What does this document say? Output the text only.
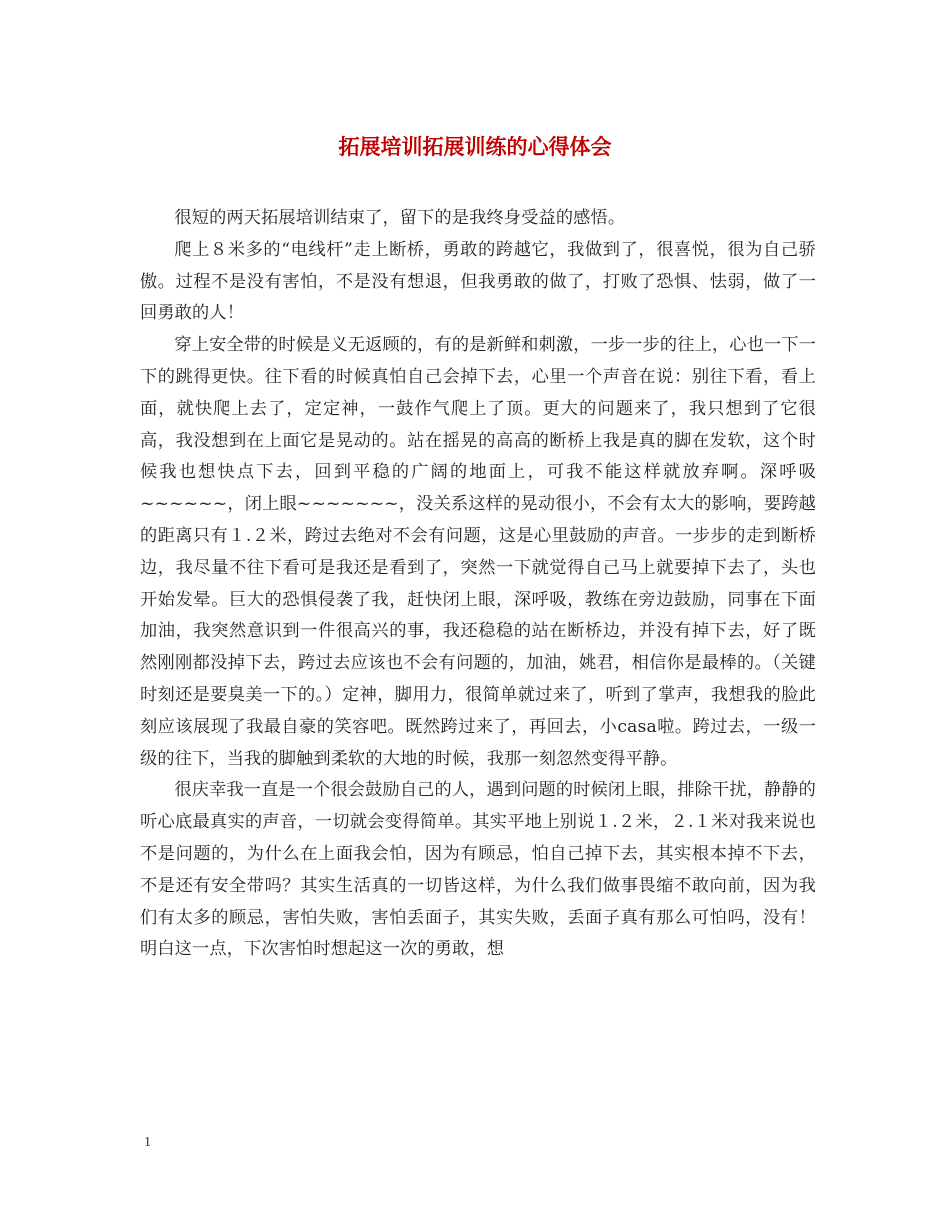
拓展培训拓展训练的心得体会

很短的两天拓展培训结束了，留下的是我终身受益的感悟。

爬上８米多的“电线杆”走上断桥，勇敢的跨越它，我做到了，很喜悦，很为自己骄傲。过程不是没有害怕，不是没有想退，但我勇敢的做了，打败了恐惧、怯弱，做了一回勇敢的人！

穿上安全带的时候是义无返顾的，有的是新鲜和刺激，一步一步的往上，心也一下一下的跳得更快。往下看的时候真怕自己会掉下去，心里一个声音在说：别往下看，看上面，就快爬上去了，定定神，一鼓作气爬上了顶。更大的问题来了，我只想到了它很高，我没想到在上面它是晃动的。站在摇晃的高高的断桥上我是真的脚在发软，这个时候我也想快点下去，回到平稳的广阔的地面上，可我不能这样就放弃啊。深呼吸~~~~~~，闭上眼~~~~~~~，没关系这样的晃动很小，不会有太大的影响，要跨越的距离只有１.２米，跨过去绝对不会有问题，这是心里鼓励的声音。一步步的走到断桥边，我尽量不往下看可是我还是看到了，突然一下就觉得自己马上就要掉下去了，头也开始发晕。巨大的恐惧侵袭了我，赶快闭上眼，深呼吸，教练在旁边鼓励，同事在下面加油，我突然意识到一件很高兴的事，我还稳稳的站在断桥边，并没有掉下去，好了既然刚刚都没掉下去，跨过去应该也不会有问题的，加油，姚君，相信你是最棒的。（关键时刻还是要臭美一下的。）定神，脚用力，很简单就过来了，听到了掌声，我想我的脸此刻应该展现了我最自豪的笑容吧。既然跨过来了，再回去，小casa啦。跨过去，一级一级的往下，当我的脚触到柔软的大地的时候，我那一刻忽然变得平静。

很庆幸我一直是一个很会鼓励自己的人，遇到问题的时候闭上眼，排除干扰，静静的听心底最真实的声音，一切就会变得简单。其实平地上别说１.２米，２.１米对我来说也不是问题的，为什么在上面我会怕，因为有顾忌，怕自己掉下去，其实根本掉不下去，不是还有安全带吗？其实生活真的一切皆这样，为什么我们做事畏缩不敢向前，因为我们有太多的顾忌，害怕失败，害怕丢面子，其实失败，丢面子真有那么可怕吗，没有！明白这一点，下次害怕时想起这一次的勇敢，想

1
